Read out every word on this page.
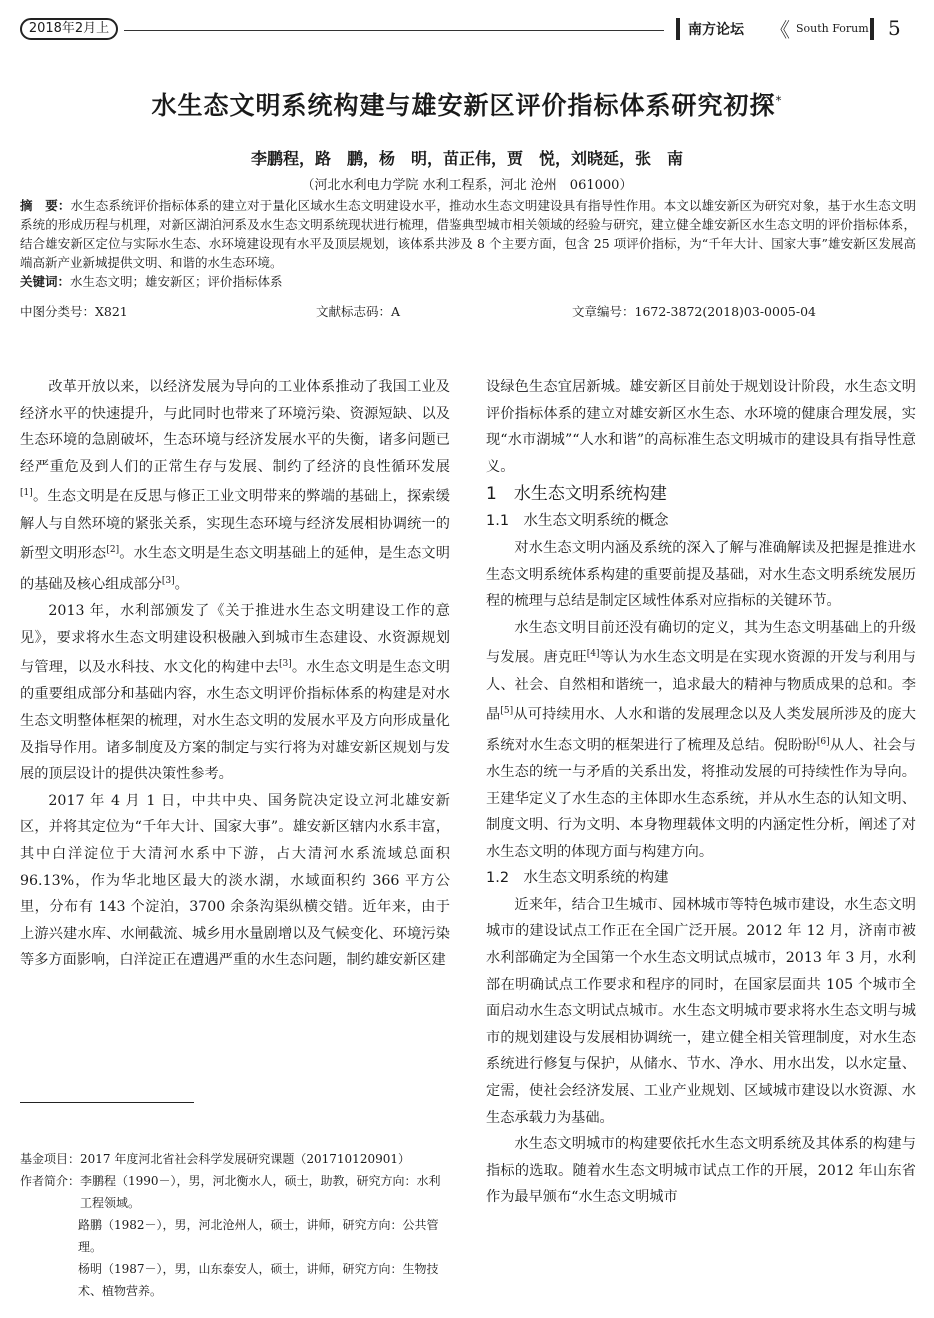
2018年2月上	南方论坛 《 South Forum 5
水生态文明系统构建与雄安新区评价指标体系研究初探*
李鹏程，路　鹏，杨　明，苗正伟，贾　悦，刘晓延，张　南
（河北水利电力学院 水利工程系，河北 沧州　061000）
摘　要：水生态系统评价指标体系的建立对于量化区域水生态文明建设水平，推动水生态文明建设具有指导性作用。本文以雄安新区为研究对象，基于水生态文明系统的形成历程与机理，对新区湖泊河系及水生态文明系统现状进行梳理，借鉴典型城市相关领域的经验与研究，建立健全雄安新区水生态文明的评价指标体系，结合雄安新区定位与实际水生态、水环境建设现有水平及顶层规划，该体系共涉及 8 个主要方面，包含 25 项评价指标，为“千年大计、国家大事”雄安新区发展高端高新产业新城提供文明、和谐的水生态环境。
关键词：水生态文明；雄安新区；评价指标体系
中图分类号：X821	文献标志码：A	文章编号：1672-3872(2018)03-0005-04

改革开放以来，以经济发展为导向的工业体系推动了我国工业及经济水平的快速提升，与此同时也带来了环境污染、资源短缺、以及生态环境的急剧破坏，生态环境与经济发展水平的失衡，诸多问题已经严重危及到人们的正常生存与发展、制约了经济的良性循环发展[1]。生态文明是在反思与修正工业文明带来的弊端的基础上，探索缓解人与自然环境的紧张关系，实现生态环境与经济发展相协调统一的新型文明形态[2]。水生态文明是生态文明基础上的延伸，是生态文明的基础及核心组成部分[3]。

2013 年，水利部颁发了《关于推进水生态文明建设工作的意见》，要求将水生态文明建设积极融入到城市生态建设、水资源规划与管理，以及水科技、水文化的构建中去[3]。水生态文明是生态文明的重要组成部分和基础内容，水生态文明评价指标体系的构建是对水生态文明整体框架的梳理，对水生态文明的发展水平及方向形成量化及指导作用。诸多制度及方案的制定与实行将为对雄安新区规划与发展的顶层设计的提供决策性参考。

2017 年 4 月 1 日，中共中央、国务院决定设立河北雄安新区，并将其定位为“千年大计、国家大事”。雄安新区辖内水系丰富，其中白洋淀位于大清河水系中下游，占大清河水系流域总面积 96.13%，作为华北地区最大的淡水湖，水域面积约 366 平方公里，分布有 143 个淀泊，3700 余条沟渠纵横交错。近年来，由于上游兴建水库、水闸截流、城乡用水量剧增以及气候变化、环境污染等多方面影响，白洋淀正在遭遇严重的水生态问题，制约雄安新区建

设绿色生态宜居新城。雄安新区目前处于规划设计阶段，水生态文明评价指标体系的建立对雄安新区水生态、水环境的健康合理发展，实现“水市湖城”“人水和谐”的高标准生态文明城市的建设具有指导性意义。

1　水生态文明系统构建
1.1　水生态文明系统的概念

对水生态文明内涵及系统的深入了解与准确解读及把握是推进水生态文明系统体系构建的重要前提及基础，对水生态文明系统发展历程的梳理与总结是制定区域性体系对应指标的关键环节。

水生态文明目前还没有确切的定义，其为生态文明基础上的升级与发展。唐克旺[4]等认为水生态文明是在实现水资源的开发与利用与人、社会、自然相和谐统一，追求最大的精神与物质成果的总和。李晶[5]从可持续用水、人水和谐的发展理念以及人类发展所涉及的庞大系统对水生态文明的框架进行了梳理及总结。倪盼盼[6]从人、社会与水生态的统一与矛盾的关系出发，将推动发展的可持续性作为导向。王建华定义了水生态的主体即水生态系统，并从水生态的认知文明、制度文明、行为文明、本身物理载体文明的内涵定性分析，阐述了对水生态文明的体现方面与构建方向。

1.2　水生态文明系统的构建

近来年，结合卫生城市、园林城市等特色城市建设，水生态文明城市的建设试点工作正在全国广泛开展。2012 年 12 月，济南市被水利部确定为全国第一个水生态文明试点城市，2013 年 3 月，水利部在明确试点工作要求和程序的同时，在国家层面共 105 个城市全面启动水生态文明试点城市。水生态文明城市要求将水生态文明与城市的规划建设与发展相协调统一，建立健全相关管理制度，对水生态系统进行修复与保护，从储水、节水、净水、用水出发，以水定量、定需，使社会经济发展、工业产业规划、区域城市建设以水资源、水生态承载力为基础。

水生态文明城市的构建要依托水生态文明系统及其体系的构建与指标的选取。随着水生态文明城市试点工作的开展，2012 年山东省作为最早颁布“水生态文明城市

基金项目：2017 年度河北省社会科学发展研究课题（201710120901）
作者简介： 李鹏程（1990－），男，河北衡水人，硕士，助教，研究方向：水利工程领域。
路鹏（1982－），男，河北沧州人，硕士，讲师，研究方向：公共管理。
杨明（1987－），男，山东泰安人，硕士，讲师，研究方向：生物技术、植物营养。
